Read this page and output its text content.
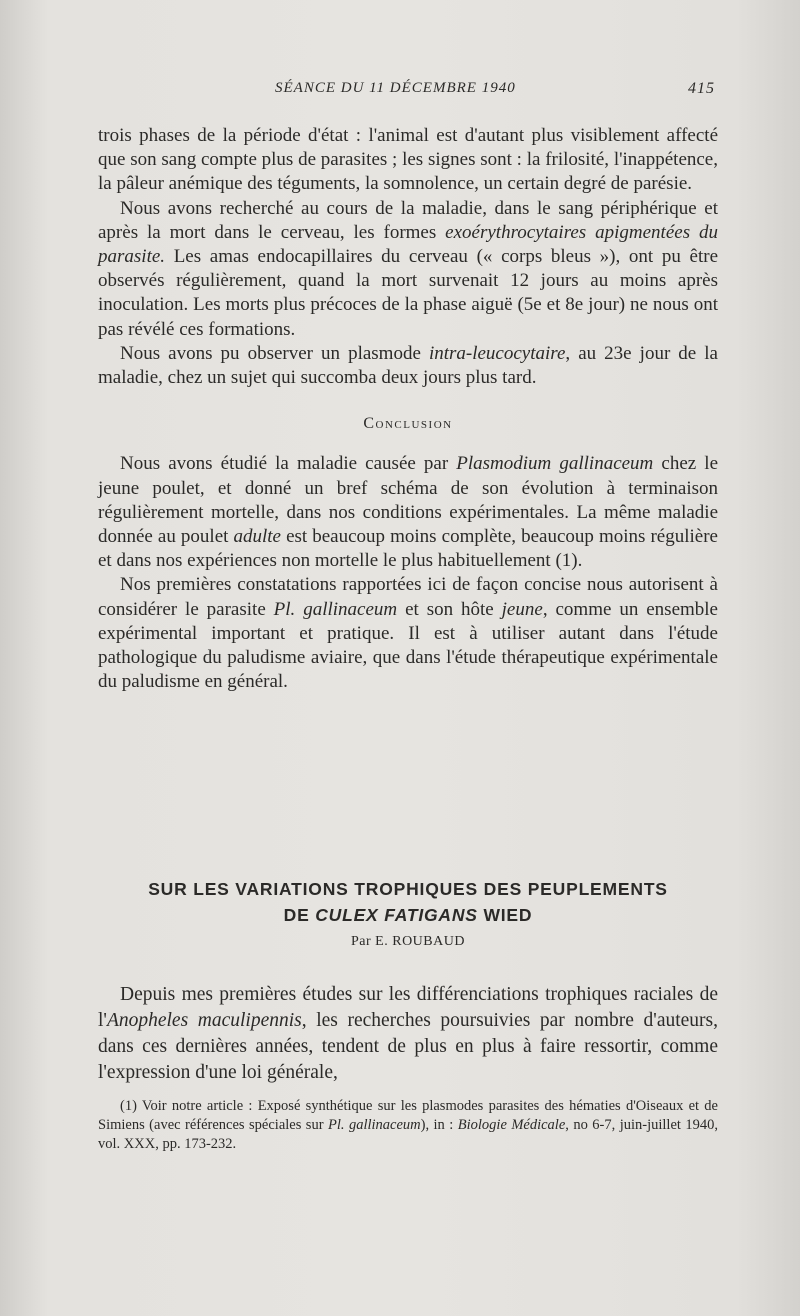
SÉANCE DU 11 DÉCEMBRE 1940	415

trois phases de la période d'état : l'animal est d'autant plus visiblement affecté que son sang compte plus de parasites ; les signes sont : la frilosité, l'inappétence, la pâleur anémique des téguments, la somnolence, un certain degré de parésie.

Nous avons recherché au cours de la maladie, dans le sang périphérique et après la mort dans le cerveau, les formes exoérythrocytaires apigmentées du parasite. Les amas endocapillaires du cerveau (« corps bleus »), ont pu être observés régulièrement, quand la mort survenait 12 jours au moins après inoculation. Les morts plus précoces de la phase aiguë (5e et 8e jour) ne nous ont pas révélé ces formations.

Nous avons pu observer un plasmode intra-leucocytaire, au 23e jour de la maladie, chez un sujet qui succomba deux jours plus tard.

Conclusion

Nous avons étudié la maladie causée par Plasmodium gallinaceum chez le jeune poulet, et donné un bref schéma de son évolution à terminaison régulièrement mortelle, dans nos conditions expérimentales. La même maladie donnée au poulet adulte est beaucoup moins complète, beaucoup moins régulière et dans nos expériences non mortelle le plus habituellement (1).

Nos premières constatations rapportées ici de façon concise nous autorisent à considérer le parasite Pl. gallinaceum et son hôte jeune, comme un ensemble expérimental important et pratique. Il est à utiliser autant dans l'étude pathologique du paludisme aviaire, que dans l'étude thérapeutique expérimentale du paludisme en général.

SUR LES VARIATIONS TROPHIQUES DES PEUPLEMENTS
DE CULEX FATIGANS WIED
Par E. ROUBAUD

Depuis mes premières études sur les différenciations trophiques raciales de l'Anopheles maculipennis, les recherches poursuivies par nombre d'auteurs, dans ces dernières années, tendent de plus en plus à faire ressortir, comme l'expression d'une loi générale,

(1) Voir notre article : Exposé synthétique sur les plasmodes parasites des hématies d'Oiseaux et de Simiens (avec références spéciales sur Pl. gallinaceum), in : Biologie Médicale, no 6-7, juin-juillet 1940, vol. XXX, pp. 173-232.
